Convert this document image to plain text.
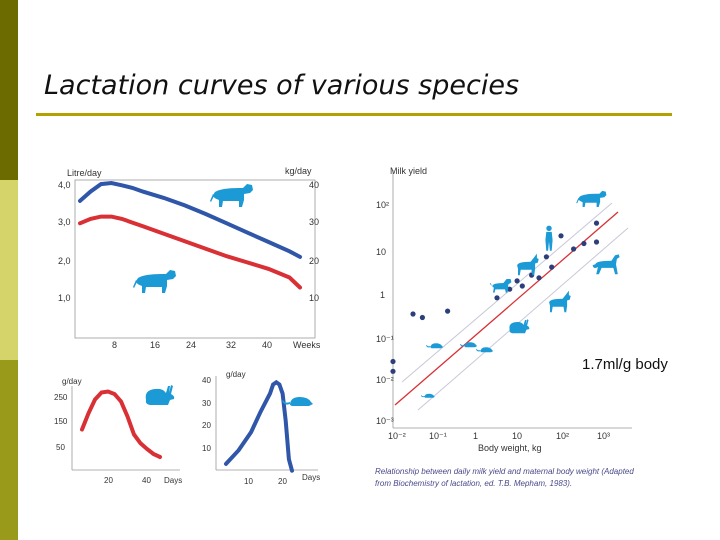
Lactation curves of various species
Litre/day	kg/day
Weeks
4,0
3,0
2,0
1,0
40
30
20
10
8	16	24	32	40
g/day
250
150
50
20	40 Days
g/day
40
30
20
10
10	20 Days
Milk yield
Body weight, kg
10²
10
1
10⁻¹
10⁻²
10⁻³
10⁻²	10⁻¹	1	10	10²	10³
Relationship between daily milk yield and maternal body weight (Adapted
from Biochemistry of lactation, ed. T.B. Mepham, 1983).
1.7ml/g body
